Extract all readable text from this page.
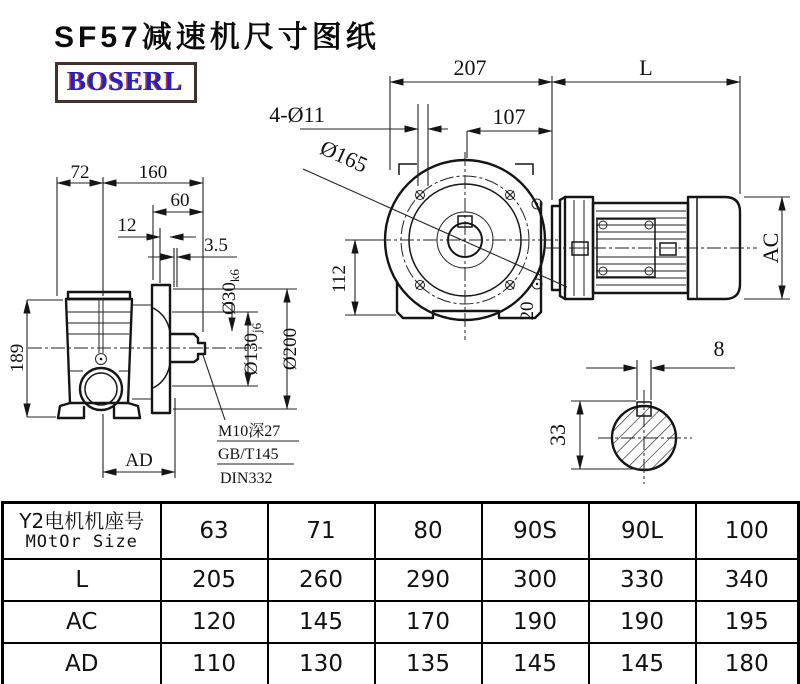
72	160
60
12
3.5
189
AD
$Ø30_{k6}$
$Ø130_{j6}$ Ø200
M10深27
GB/T145
DIN332
207	L
4-Ø11	107
Ø165
112
20
AC
8
33
SF57减速机尺寸图纸
BOSERL
Y2电机机座号
MOtOr Size	63	71	80	90S	90L	100
L	205	260	290	300	330	340
AC	120	145	170	190	190	195
AD	110	130	135	145	145	180
